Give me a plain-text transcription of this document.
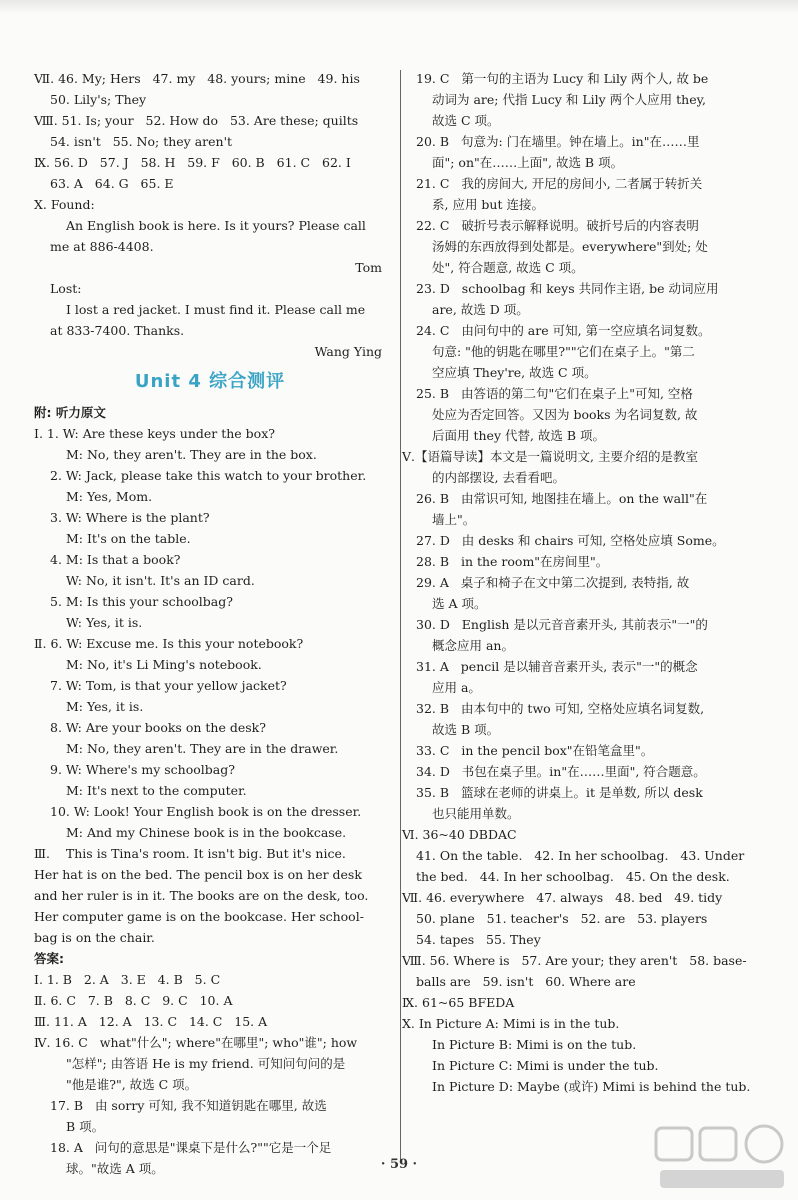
Ⅶ. 46. My; Hers   47. my   48. yours; mine   49. his
50. Lily's; They
Ⅷ. 51. Is; your   52. How do   53. Are these; quilts
54. isn't   55. No; they aren't
Ⅸ. 56. D   57. J   58. H   59. F   60. B   61. C   62. I
63. A   64. G   65. E
Ⅹ. Found:
An English book is here. Is it yours? Please call
me at 886-4408.
Tom
Lost:
I lost a red jacket. I must find it. Please call me
at 833-7400. Thanks.
Wang Ying
Unit 4 综合测评
附: 听力原文
Ⅰ. 1. W: Are these keys under the box?
M: No, they aren't. They are in the box.
2. W: Jack, please take this watch to your brother.
M: Yes, Mom.
3. W: Where is the plant?
M: It's on the table.
4. M: Is that a book?
W: No, it isn't. It's an ID card.
5. M: Is this your schoolbag?
W: Yes, it is.
Ⅱ. 6. W: Excuse me. Is this your notebook?
M: No, it's Li Ming's notebook.
7. W: Tom, is that your yellow jacket?
M: Yes, it is.
8. W: Are your books on the desk?
M: No, they aren't. They are in the drawer.
9. W: Where's my schoolbag?
M: It's next to the computer.
10. W: Look! Your English book is on the dresser.
M: And my Chinese book is in the bookcase.
Ⅲ.    This is Tina's room. It isn't big. But it's nice.
Her hat is on the bed. The pencil box is on her desk
and her ruler is in it. The books are on the desk, too.
Her computer game is on the bookcase. Her school-
bag is on the chair.
答案:
Ⅰ. 1. B   2. A   3. E   4. B   5. C
Ⅱ. 6. C   7. B   8. C   9. C   10. A
Ⅲ. 11. A   12. A   13. C   14. C   15. A
Ⅳ. 16. C   what"什么"; where"在哪里"; who"谁"; how
"怎样"; 由答语 He is my friend. 可知问句问的是
"他是谁?", 故选 C 项。
17. B   由 sorry 可知, 我不知道钥匙在哪里, 故选
B 项。
18. A   问句的意思是"课桌下是什么?""它是一个足
球。"故选 A 项。
19. C   第一句的主语为 Lucy 和 Lily 两个人, 故 be
动词为 are; 代指 Lucy 和 Lily 两个人应用 they,
故选 C 项。
20. B   句意为: 门在墙里。钟在墙上。in"在……里
面"; on"在……上面", 故选 B 项。
21. C   我的房间大, 开尼的房间小, 二者属于转折关
系, 应用 but 连接。
22. C   破折号表示解释说明。破折号后的内容表明
汤姆的东西放得到处都是。everywhere"到处; 处
处", 符合题意, 故选 C 项。
23. D   schoolbag 和 keys 共同作主语, be 动词应用
are, 故选 D 项。
24. C   由问句中的 are 可知, 第一空应填名词复数。
句意: "他的钥匙在哪里?""它们在桌子上。"第二
空应填 They're, 故选 C 项。
25. B   由答语的第二句"它们在桌子上"可知, 空格
处应为否定回答。又因为 books 为名词复数, 故
后面用 they 代替, 故选 B 项。
Ⅴ.【语篇导读】本文是一篇说明文, 主要介绍的是教室
的内部摆设, 去看看吧。
26. B   由常识可知, 地图挂在墙上。on the wall"在
墙上"。
27. D   由 desks 和 chairs 可知, 空格处应填 Some。
28. B   in the room"在房间里"。
29. A   桌子和椅子在文中第二次提到, 表特指, 故
选 A 项。
30. D   English 是以元音音素开头, 其前表示"一"的
概念应用 an。
31. A   pencil 是以辅音音素开头, 表示"一"的概念
应用 a。
32. B   由本句中的 two 可知, 空格处应填名词复数,
故选 B 项。
33. C   in the pencil box"在铅笔盒里"。
34. D   书包在桌子里。in"在……里面", 符合题意。
35. B   篮球在老师的讲桌上。it 是单数, 所以 desk
也只能用单数。
Ⅵ. 36~40 DBDAC
41. On the table.   42. In her schoolbag.   43. Under
the bed.   44. In her schoolbag.   45. On the desk.
Ⅶ. 46. everywhere   47. always   48. bed   49. tidy
50. plane   51. teacher's   52. are   53. players
54. tapes   55. They
Ⅷ. 56. Where is   57. Are your; they aren't   58. base-
balls are   59. isn't   60. Where are
Ⅸ. 61~65 BFEDA
Ⅹ. In Picture A: Mimi is in the tub.
In Picture B: Mimi is on the tub.
In Picture C: Mimi is under the tub.
In Picture D: Maybe (或许) Mimi is behind the tub.
· 59 ·
